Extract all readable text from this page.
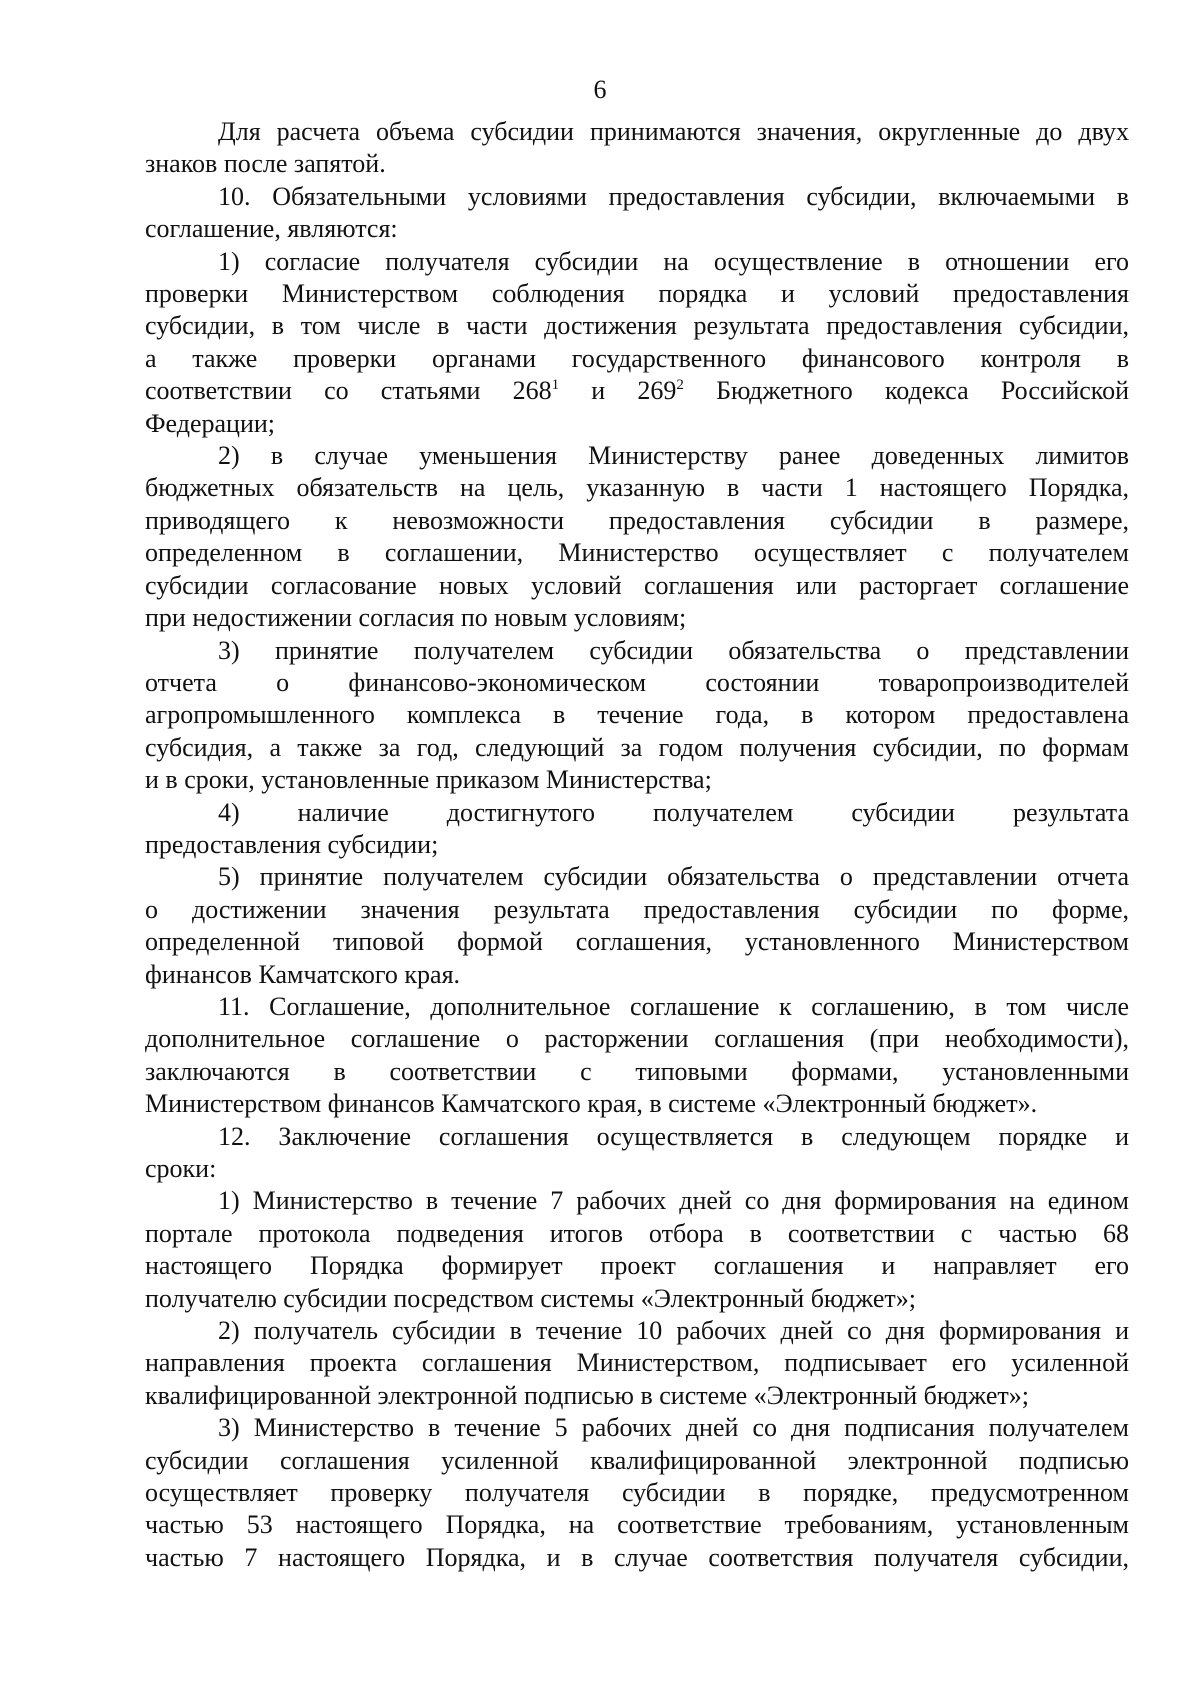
6

Для расчета объема субсидии принимаются значения, округленные до двух
знаков после запятой.

10. Обязательными условиями предоставления субсидии, включаемыми в
соглашение, являются:

1) согласие получателя субсидии на осуществление в отношении его
проверки Министерством соблюдения порядка и условий предоставления
субсидии, в том числе в части достижения результата предоставления субсидии,
а также проверки органами государственного финансового контроля в
соответствии со статьями $268^1$ и $269^2$ Бюджетного кодекса Российской
Федерации;

2) в случае уменьшения Министерству ранее доведенных лимитов
бюджетных обязательств на цель, указанную в части 1 настоящего Порядка,
приводящего к невозможности предоставления субсидии в размере,
определенном в соглашении, Министерство осуществляет с получателем
субсидии согласование новых условий соглашения или расторгает соглашение
при недостижении согласия по новым условиям;

3) принятие получателем субсидии обязательства о представлении
отчета о финансово-экономическом состоянии товаропроизводителей
агропромышленного комплекса в течение года, в котором предоставлена
субсидия, а также за год, следующий за годом получения субсидии, по формам
и в сроки, установленные приказом Министерства;

4) наличие достигнутого получателем субсидии результата
предоставления субсидии;

5) принятие получателем субсидии обязательства о представлении отчета
о достижении значения результата предоставления субсидии по форме,
определенной типовой формой соглашения, установленного Министерством
финансов Камчатского края.

11. Соглашение, дополнительное соглашение к соглашению, в том числе
дополнительное соглашение о расторжении соглашения (при необходимости),
заключаются в соответствии с типовыми формами, установленными
Министерством финансов Камчатского края, в системе «Электронный бюджет».

12. Заключение соглашения осуществляется в следующем порядке и
сроки:

1) Министерство в течение 7 рабочих дней со дня формирования на едином
портале протокола подведения итогов отбора в соответствии с частью 68
настоящего Порядка формирует проект соглашения и направляет его
получателю субсидии посредством системы «Электронный бюджет»;

2) получатель субсидии в течение 10 рабочих дней со дня формирования и
направления проекта соглашения Министерством, подписывает его усиленной
квалифицированной электронной подписью в системе «Электронный бюджет»;

3) Министерство в течение 5 рабочих дней со дня подписания получателем
субсидии соглашения усиленной квалифицированной электронной подписью
осуществляет проверку получателя субсидии в порядке, предусмотренном
частью 53 настоящего Порядка, на соответствие требованиям, установленным
частью 7 настоящего Порядка, и в случае соответствия получателя субсидии,
